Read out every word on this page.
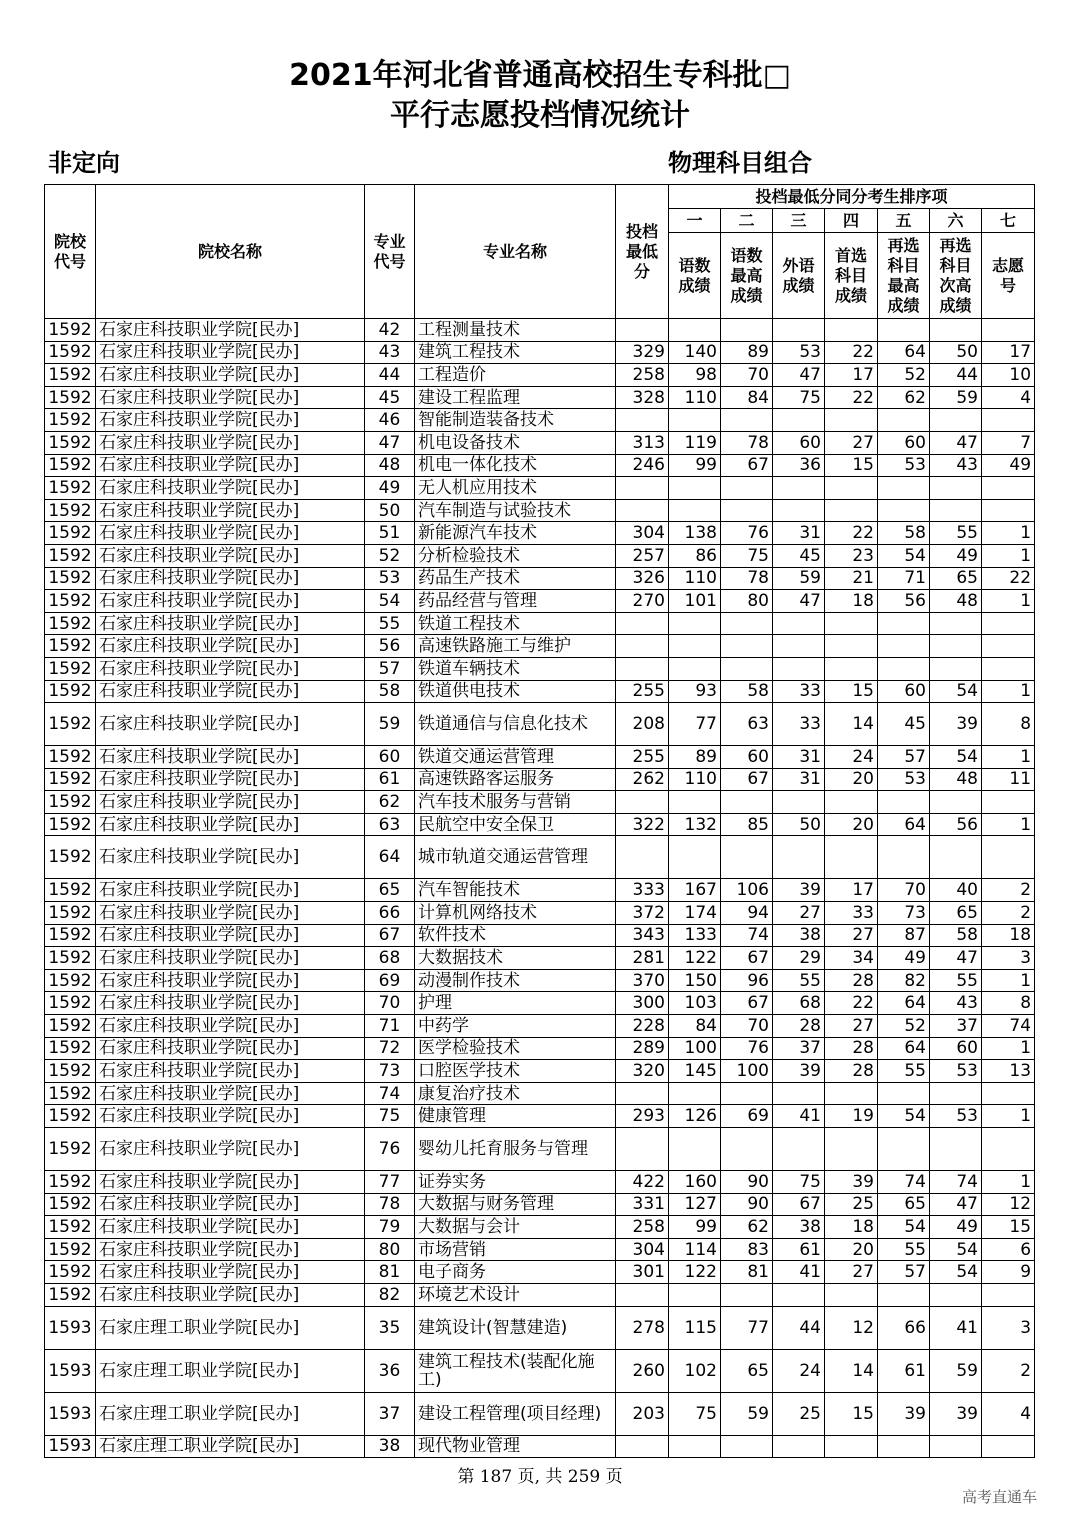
2021年河北省普通高校招生专科批□
平行志愿投档情况统计
非定向	物理科目组合
院校代号	院校名称	专业代号	专业名称	投档最低分	投档最低分同分考生排序项						
					一	二	三	四	五	六	七
					语数成绩	语数最高成绩	外语成绩	首选科目成绩	再选科目最高成绩	再选科目次高成绩	志愿号
1592	石家庄科技职业学院[民办]	42	工程测量技术								
1592	石家庄科技职业学院[民办]	43	建筑工程技术	329	140	89	53	22	64	50	17
1592	石家庄科技职业学院[民办]	44	工程造价	258	98	70	47	17	52	44	10
1592	石家庄科技职业学院[民办]	45	建设工程监理	328	110	84	75	22	62	59	4
1592	石家庄科技职业学院[民办]	46	智能制造装备技术								
1592	石家庄科技职业学院[民办]	47	机电设备技术	313	119	78	60	27	60	47	7
1592	石家庄科技职业学院[民办]	48	机电一体化技术	246	99	67	36	15	53	43	49
1592	石家庄科技职业学院[民办]	49	无人机应用技术								
1592	石家庄科技职业学院[民办]	50	汽车制造与试验技术								
1592	石家庄科技职业学院[民办]	51	新能源汽车技术	304	138	76	31	22	58	55	1
1592	石家庄科技职业学院[民办]	52	分析检验技术	257	86	75	45	23	54	49	1
1592	石家庄科技职业学院[民办]	53	药品生产技术	326	110	78	59	21	71	65	22
1592	石家庄科技职业学院[民办]	54	药品经营与管理	270	101	80	47	18	56	48	1
1592	石家庄科技职业学院[民办]	55	铁道工程技术								
1592	石家庄科技职业学院[民办]	56	高速铁路施工与维护								
1592	石家庄科技职业学院[民办]	57	铁道车辆技术								
1592	石家庄科技职业学院[民办]	58	铁道供电技术	255	93	58	33	15	60	54	1
1592	石家庄科技职业学院[民办]	59	铁道通信与信息化技术	208	77	63	33	14	45	39	8
1592	石家庄科技职业学院[民办]	60	铁道交通运营管理	255	89	60	31	24	57	54	1
1592	石家庄科技职业学院[民办]	61	高速铁路客运服务	262	110	67	31	20	53	48	11
1592	石家庄科技职业学院[民办]	62	汽车技术服务与营销								
1592	石家庄科技职业学院[民办]	63	民航空中安全保卫	322	132	85	50	20	64	56	1
1592	石家庄科技职业学院[民办]	64	城市轨道交通运营管理								
1592	石家庄科技职业学院[民办]	65	汽车智能技术	333	167	106	39	17	70	40	2
1592	石家庄科技职业学院[民办]	66	计算机网络技术	372	174	94	27	33	73	65	2
1592	石家庄科技职业学院[民办]	67	软件技术	343	133	74	38	27	87	58	18
1592	石家庄科技职业学院[民办]	68	大数据技术	281	122	67	29	34	49	47	3
1592	石家庄科技职业学院[民办]	69	动漫制作技术	370	150	96	55	28	82	55	1
1592	石家庄科技职业学院[民办]	70	护理	300	103	67	68	22	64	43	8
1592	石家庄科技职业学院[民办]	71	中药学	228	84	70	28	27	52	37	74
1592	石家庄科技职业学院[民办]	72	医学检验技术	289	100	76	37	28	64	60	1
1592	石家庄科技职业学院[民办]	73	口腔医学技术	320	145	100	39	28	55	53	13
1592	石家庄科技职业学院[民办]	74	康复治疗技术								
1592	石家庄科技职业学院[民办]	75	健康管理	293	126	69	41	19	54	53	1
1592	石家庄科技职业学院[民办]	76	婴幼儿托育服务与管理								
1592	石家庄科技职业学院[民办]	77	证券实务	422	160	90	75	39	74	74	1
1592	石家庄科技职业学院[民办]	78	大数据与财务管理	331	127	90	67	25	65	47	12
1592	石家庄科技职业学院[民办]	79	大数据与会计	258	99	62	38	18	54	49	15
1592	石家庄科技职业学院[民办]	80	市场营销	304	114	83	61	20	55	54	6
1592	石家庄科技职业学院[民办]	81	电子商务	301	122	81	41	27	57	54	9
1592	石家庄科技职业学院[民办]	82	环境艺术设计								
1593	石家庄理工职业学院[民办]	35	建筑设计(智慧建造)	278	115	77	44	12	66	41	3
1593	石家庄理工职业学院[民办]	36	建筑工程技术(装配化施工)	260	102	65	24	14	61	59	2
1593	石家庄理工职业学院[民办]	37	建设工程管理(项目经理)	203	75	59	25	15	39	39	4
1593	石家庄理工职业学院[民办]	38	现代物业管理								
第 187 页, 共 259 页
高考直通车
